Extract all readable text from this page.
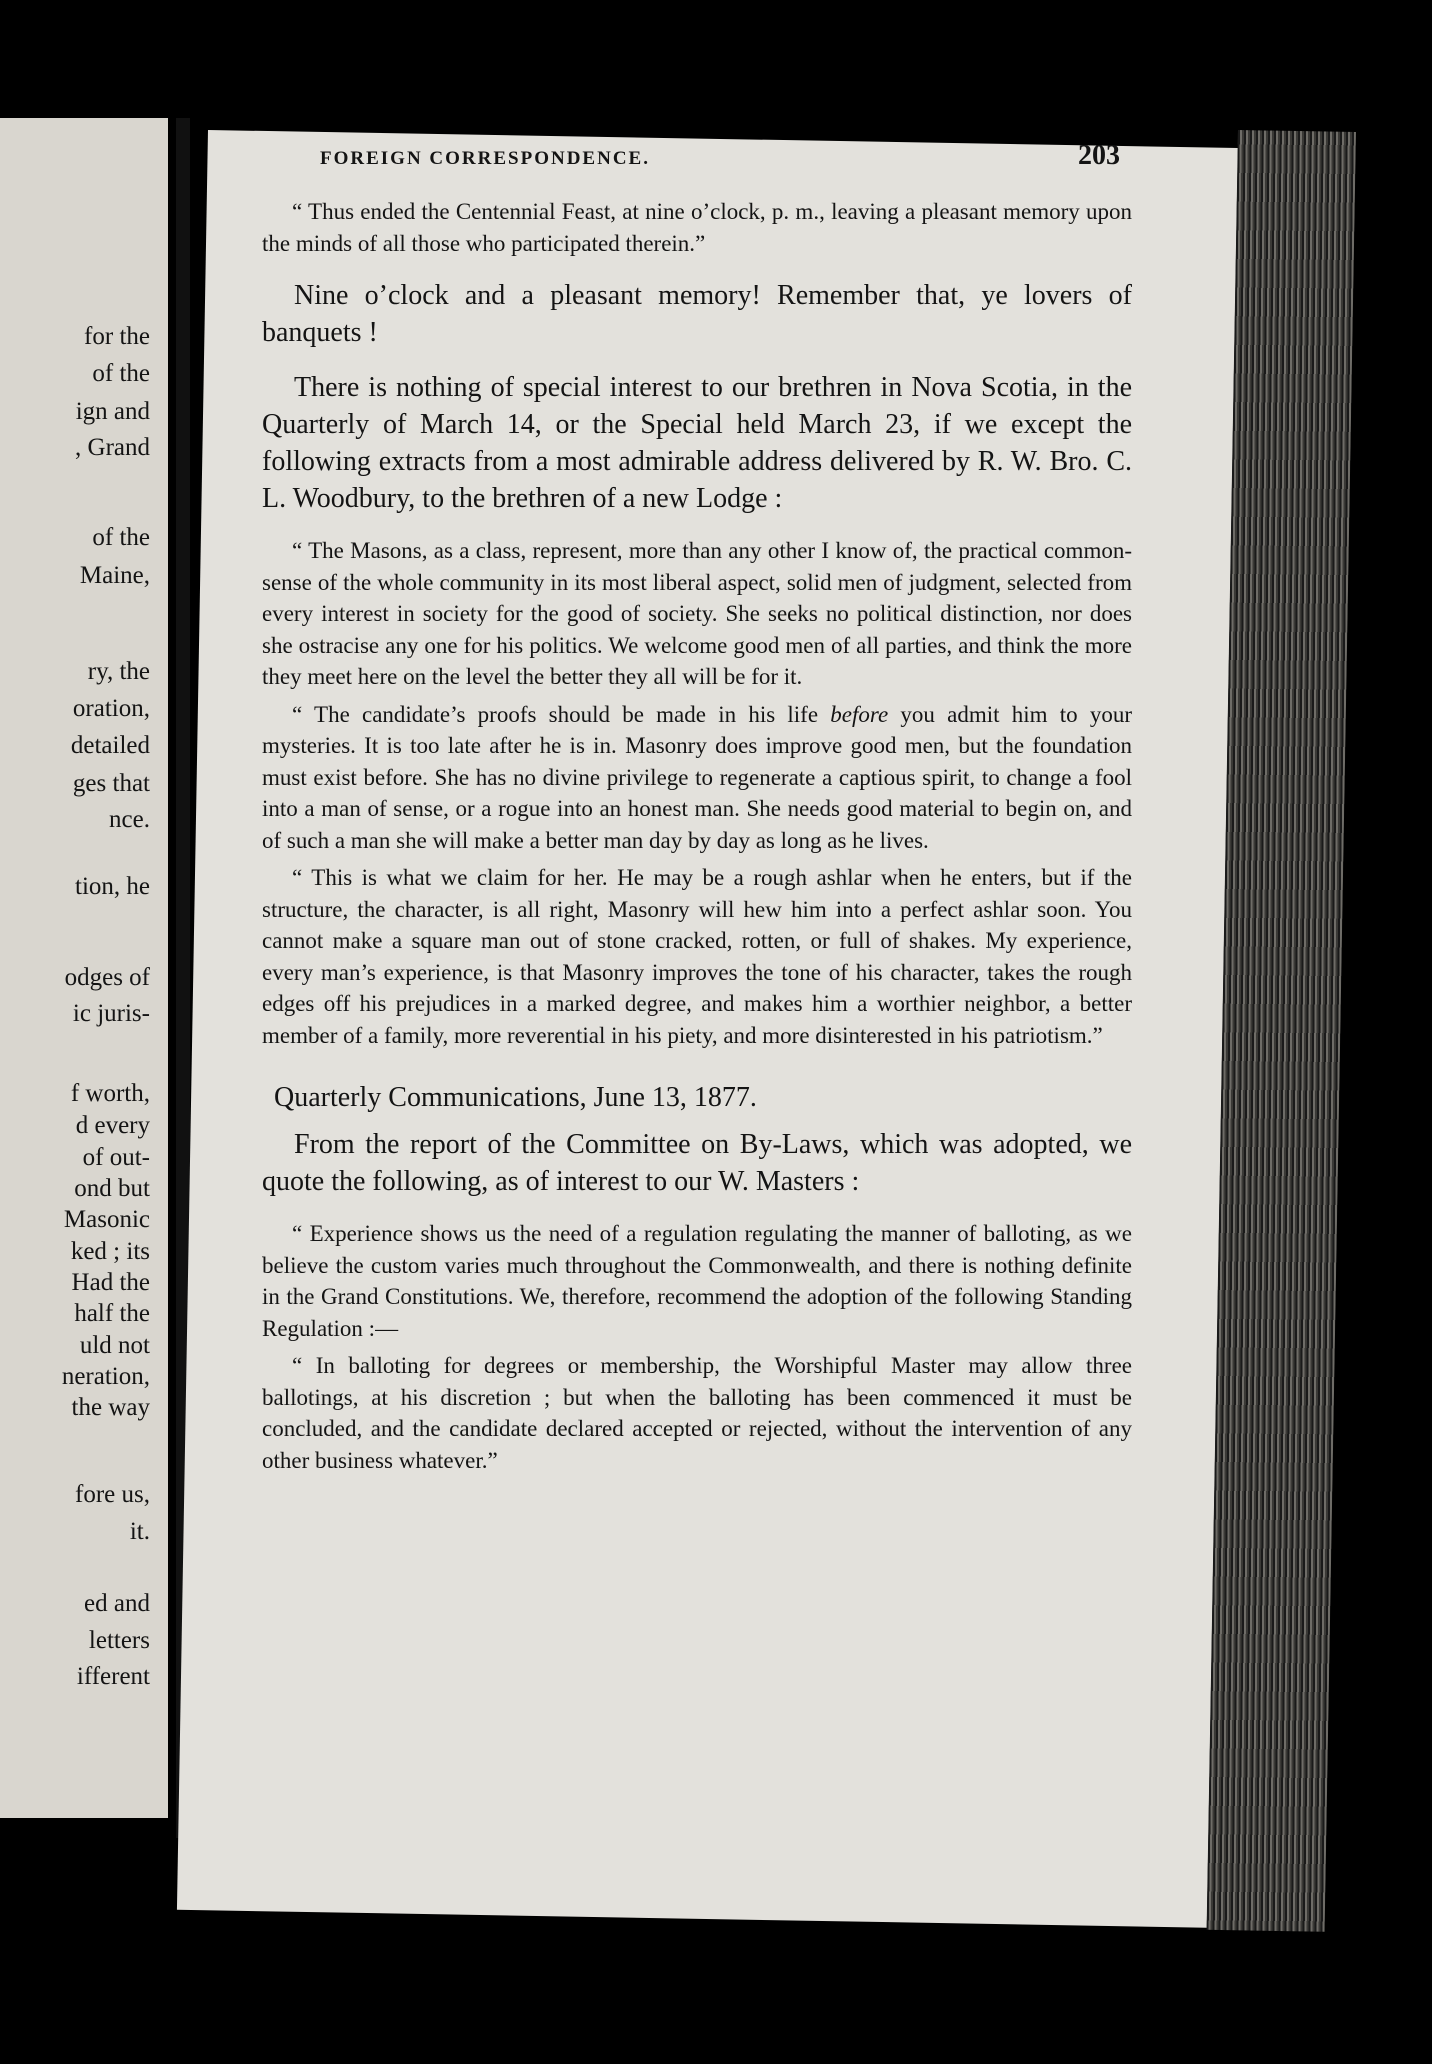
for the
of the
ign and
, Grand
of the
Maine,
ry, the
oration,
detailed
ges that
nce.
tion, he
odges of
ic juris-
f worth,
d every
of out-
ond but
Masonic
ked ; its
Had the
half the
uld not
neration,
the way
fore us,
it.
ed and
letters
ifferent
FOREIGN CORRESPONDENCE.	203

“ Thus ended the Centennial Feast, at nine o’clock, p. m., leaving a pleasant memory upon the minds of all those who participated therein.”

Nine o’clock and a pleasant memory! Remember that, ye lovers of banquets !

There is nothing of special interest to our brethren in Nova Scotia, in the Quarterly of March 14, or the Special held March 23, if we except the following extracts from a most admirable address delivered by R. W. Bro. C. L. Woodbury, to the brethren of a new Lodge :

“ The Masons, as a class, represent, more than any other I know of, the practical common-sense of the whole community in its most liberal aspect, solid men of judgment, selected from every interest in society for the good of society. She seeks no political distinction, nor does she ostracise any one for his politics. We welcome good men of all parties, and think the more they meet here on the level the better they all will be for it.

“ The candidate’s proofs should be made in his life before you admit him to your mysteries. It is too late after he is in. Masonry does improve good men, but the foundation must exist before. She has no divine privilege to regenerate a captious spirit, to change a fool into a man of sense, or a rogue into an honest man. She needs good material to begin on, and of such a man she will make a better man day by day as long as he lives.

“ This is what we claim for her. He may be a rough ashlar when he enters, but if the structure, the character, is all right, Masonry will hew him into a perfect ashlar soon. You cannot make a square man out of stone cracked, rotten, or full of shakes. My experience, every man’s experience, is that Masonry improves the tone of his character, takes the rough edges off his prejudices in a marked degree, and makes him a worthier neighbor, a better member of a family, more reverential in his piety, and more disinterested in his patriotism.”

Quarterly Communications, June 13, 1877.

From the report of the Committee on By-Laws, which was adopted, we quote the following, as of interest to our W. Masters :

“ Experience shows us the need of a regulation regulating the manner of balloting, as we believe the custom varies much throughout the Commonwealth, and there is nothing definite in the Grand Constitutions. We, therefore, recommend the adoption of the following Standing Regulation :—

“ In balloting for degrees or membership, the Worshipful Master may allow three ballotings, at his discretion ; but when the balloting has been commenced it must be concluded, and the candidate declared accepted or rejected, without the intervention of any other business whatever.”
